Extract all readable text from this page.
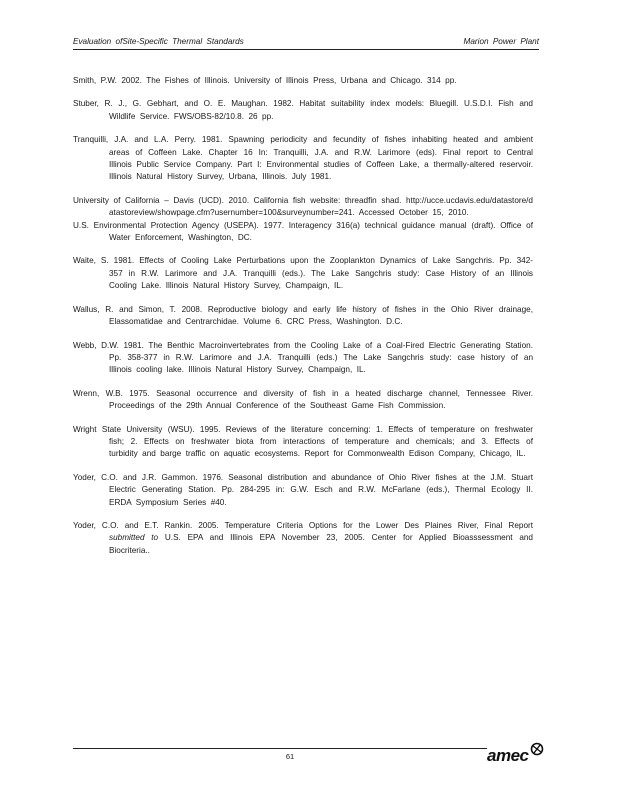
Evaluation ofSite-Specific Thermal Standards	Marion Power Plant

Smith, P.W. 2002. The Fishes of Illinois. University of Illinois Press, Urbana and Chicago. 314 pp.

Stuber, R. J., G. Gebhart, and O. E. Maughan. 1982. Habitat suitability index models: Bluegill. U.S.D.I. Fish and Wildlife Service. FWS/OBS-82/10.8. 26 pp.

Tranquilli, J.A. and L.A. Perry. 1981. Spawning periodicity and fecundity of fishes inhabiting heated and ambient areas of Coffeen Lake. Chapter 16 In: Tranquilli, J.A. and R.W. Larimore (eds). Final report to Central Illinois Public Service Company. Part I: Environmental studies of Coffeen Lake, a thermally-altered reservoir. Illinois Natural History Survey, Urbana, Illinois. July 1981.

University of California – Davis (UCD). 2010. California fish website: threadfin shad. http://ucce.ucdavis.edu/datastore/datastoreview/showpage.cfm?usernumber=100&surveynumber=241. Accessed October 15, 2010.

U.S. Environmental Protection Agency (USEPA). 1977. Interagency 316(a) technical guidance manual (draft). Office of Water Enforcement, Washington, DC.

Waite, S. 1981. Effects of Cooling Lake Perturbations upon the Zooplankton Dynamics of Lake Sangchris. Pp. 342-357 in R.W. Larimore and J.A. Tranquilli (eds.). The Lake Sangchris study: Case History of an Illinois Cooling Lake. Illinois Natural History Survey, Champaign, IL.

Wallus, R. and Simon, T. 2008. Reproductive biology and early life history of fishes in the Ohio River drainage, Elassomatidae and Centrarchidae. Volume 6. CRC Press, Washington. D.C.

Webb, D.W. 1981. The Benthic Macroinvertebrates from the Cooling Lake of a Coal-Fired Electric Generating Station. Pp. 358-377 in R.W. Larimore and J.A. Tranquilli (eds.) The Lake Sangchris study: case history of an Illinois cooling lake. Illinois Natural History Survey, Champaign, IL.

Wrenn, W.B. 1975. Seasonal occurrence and diversity of fish in a heated discharge channel, Tennessee River. Proceedings of the 29th Annual Conference of the Southeast Game Fish Commission.

Wright State University (WSU). 1995. Reviews of the literature concerning: 1. Effects of temperature on freshwater fish; 2. Effects on freshwater biota from interactions of temperature and chemicals; and 3. Effects of turbidity and barge traffic on aquatic ecosystems. Report for Commonwealth Edison Company, Chicago, IL.

Yoder, C.O. and J.R. Gammon. 1976. Seasonal distribution and abundance of Ohio River fishes at the J.M. Stuart Electric Generating Station. Pp. 284-295 in: G.W. Esch and R.W. McFarlane (eds.), Thermal Ecology II. ERDA Symposium Series #40.

Yoder, C.O. and E.T. Rankin. 2005. Temperature Criteria Options for the Lower Des Plaines River, Final Report submitted to U.S. EPA and Illinois EPA November 23, 2005. Center for Applied Bioasssessment and Biocriteria..

61	amec
